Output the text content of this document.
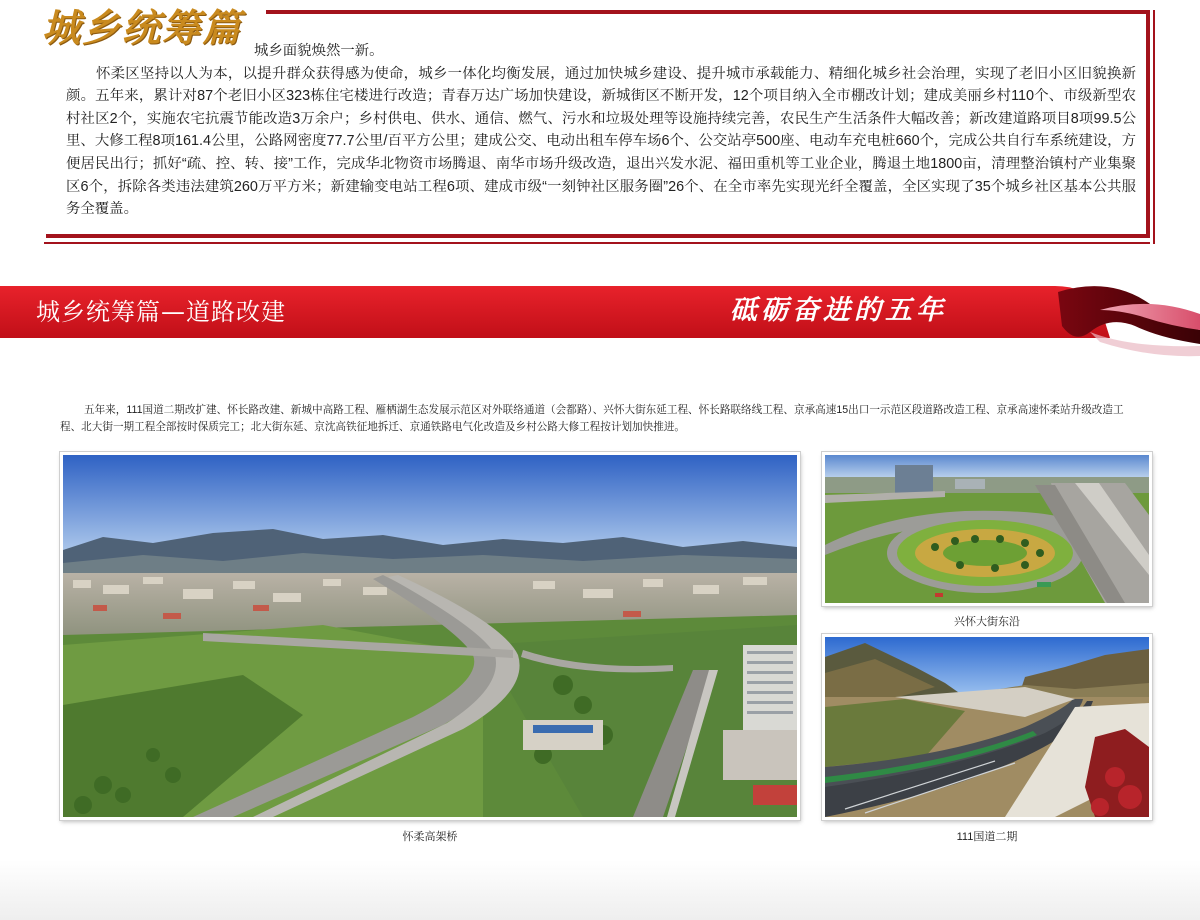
城乡统筹篇
城乡面貌焕然一新。
怀柔区坚持以人为本，以提升群众获得感为使命，城乡一体化均衡发展，通过加快城乡建设、提升城市承载能力、精细化城乡社会治理，实现了老旧小区旧貌换新颜。五年来，累计对87个老旧小区323栋住宅楼进行改造；青春万达广场加快建设，新城街区不断开发，12个项目纳入全市棚改计划；建成美丽乡村110个、市级新型农村社区2个，实施农宅抗震节能改造3万余户；乡村供电、供水、通信、燃气、污水和垃圾处理等设施持续完善，农民生产生活条件大幅改善；新改建道路项目8项99.5公里、大修工程8项161.4公里，公路网密度77.7公里/百平方公里；建成公交、电动出租车停车场6个、公交站亭500座、电动车充电桩660个，完成公共自行车系统建设，方便居民出行；抓好“疏、控、转、接”工作，完成华北物资市场腾退、南华市场升级改造，退出兴发水泥、福田重机等工业企业，腾退土地1800亩，清理整治镇村产业集聚区6个，拆除各类违法建筑260万平方米；新建输变电站工程6项、建成市级“一刻钟社区服务圈”26个、在全市率先实现光纤全覆盖，全区实现了35个城乡社区基本公共服务全覆盖。
城乡统筹篇—道路改建	砥砺奋进的五年
五年来，111国道二期改扩建、怀长路改建、新城中高路工程、雁栖湖生态发展示范区对外联络通道（会都路）、兴怀大街东延工程、怀长路联络线工程、京承高速15出口一示范区段道路改造工程、京承高速怀柔站升级改造工程、北大街一期工程全部按时保质完工；北大街东延、京沈高铁征地拆迁、京通铁路电气化改造及乡村公路大修工程按计划加快推进。
怀柔高架桥
兴怀大街东沿
111国道二期
